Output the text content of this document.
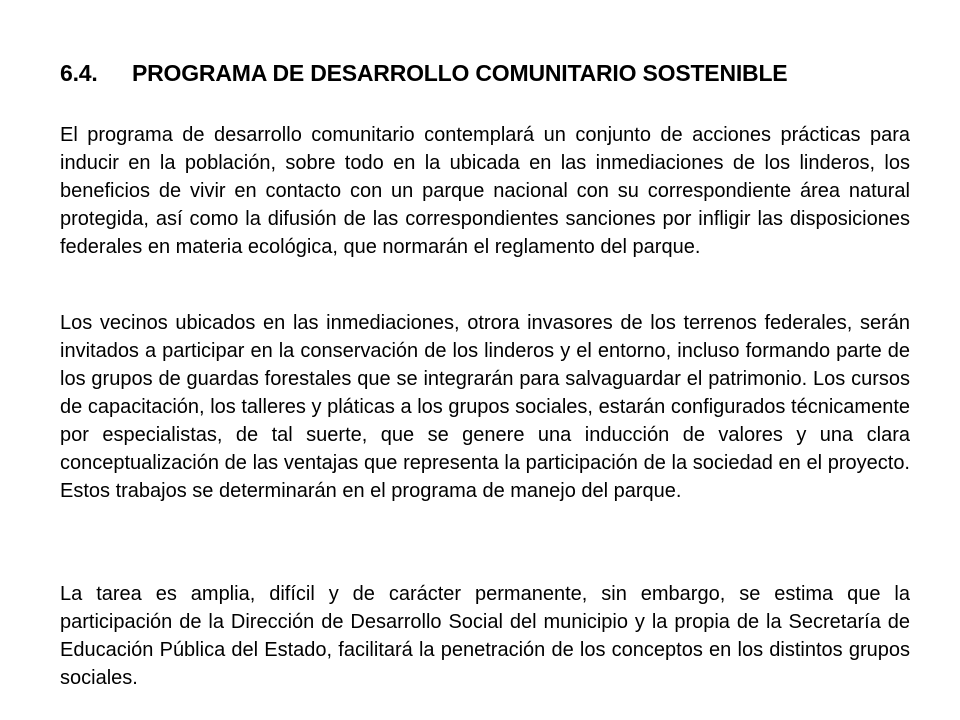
6.4. PROGRAMA DE DESARROLLO COMUNITARIO SOSTENIBLE

El programa de desarrollo comunitario contemplará un conjunto de acciones prácticas para inducir en la población, sobre todo en la ubicada en las inmediaciones de los linderos, los beneficios de vivir en contacto con un parque nacional con su correspondiente área natural protegida, así como la difusión de las correspondientes sanciones por infligir las disposiciones federales en materia ecológica, que normarán el reglamento del parque.

Los vecinos ubicados en las inmediaciones, otrora invasores de los terrenos federales, serán invitados a participar en la conservación de los linderos y el entorno, incluso formando parte de los grupos de guardas forestales que se integrarán para salvaguardar el patrimonio. Los cursos de capacitación, los talleres y pláticas a los grupos sociales, estarán configurados técnicamente por especialistas, de tal suerte, que se genere una inducción de valores y una clara conceptualización de las ventajas que representa la participación de la sociedad en el proyecto. Estos trabajos se determinarán en el programa de manejo del parque.

La tarea es amplia, difícil y de carácter permanente, sin embargo, se estima que la participación de la Dirección de Desarrollo Social del municipio y la propia de la Secretaría de Educación Pública del Estado, facilitará la penetración de los conceptos en los distintos grupos sociales.
